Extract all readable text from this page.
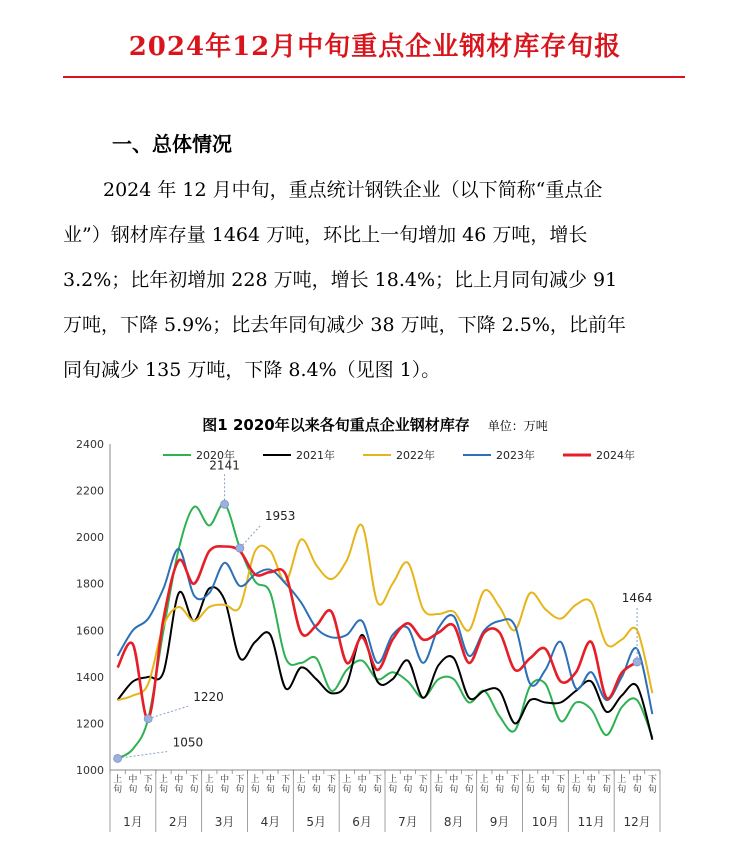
2024年12月中旬重点企业钢材库存旬报
一、总体情况
2024 年 12 月中旬，重点统计钢铁企业（以下简称“重点企
业”）钢材库存量 1464 万吨，环比上一旬增加 46 万吨，增长
3.2%；比年初增加 228 万吨，增长 18.4%；比上月同旬减少 91
万吨，下降 5.9%；比去年同旬减少 38 万吨，下降 2.5%，比前年
同旬减少 135 万吨，下降 8.4%（见图 1）。
图1 2020年以来各旬重点企业钢材库存 单位：万吨
1000
1200
1400
1600
1800
2000
2200
2400
上旬
中旬
下旬
上旬
中旬
下旬
上旬
中旬
下旬
上旬
中旬
下旬
上旬
中旬
下旬
上旬
中旬
下旬
上旬
中旬
下旬
上旬
中旬
下旬
上旬
中旬
下旬
上旬
中旬
下旬
上旬
中旬
下旬
上旬
中旬
下旬
1月 2月 3月 4月 5月 6月 7月 8月 9月 10月 11月 12月
2020年	2021年	2022年	2023年	2024年
2141
1953
1220
1050
1464
